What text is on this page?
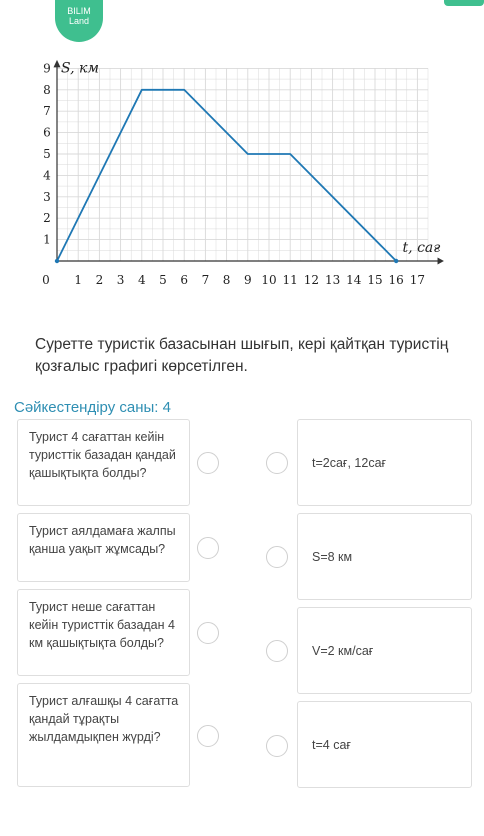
BILIM
Land
0 1 2 3 4 5 6 7 8 9 10 11 12 13 14 15 16 17
1
2
3
4
5
6
7
8
9 S, км
t, сағ
Суретте туристік базасынан шығып, кері қайтқан туристің қозғалыс графигі көрсетілген.
Сәйкестендіру саны: 4
Турист 4 сағаттан кейін туристтік базадан қандай қашықтықта болды?
Турист аялдамаға жалпы қанша уақыт жұмсады?
Турист неше сағаттан кейін туристтік базадан 4 км қашықтықта болды?
Турист алғашқы 4 сағатта қандай тұрақты жылдамдықпен жүрді?
t=2сағ, 12сағ
S=8 км
V=2 км/сағ
t=4 сағ
